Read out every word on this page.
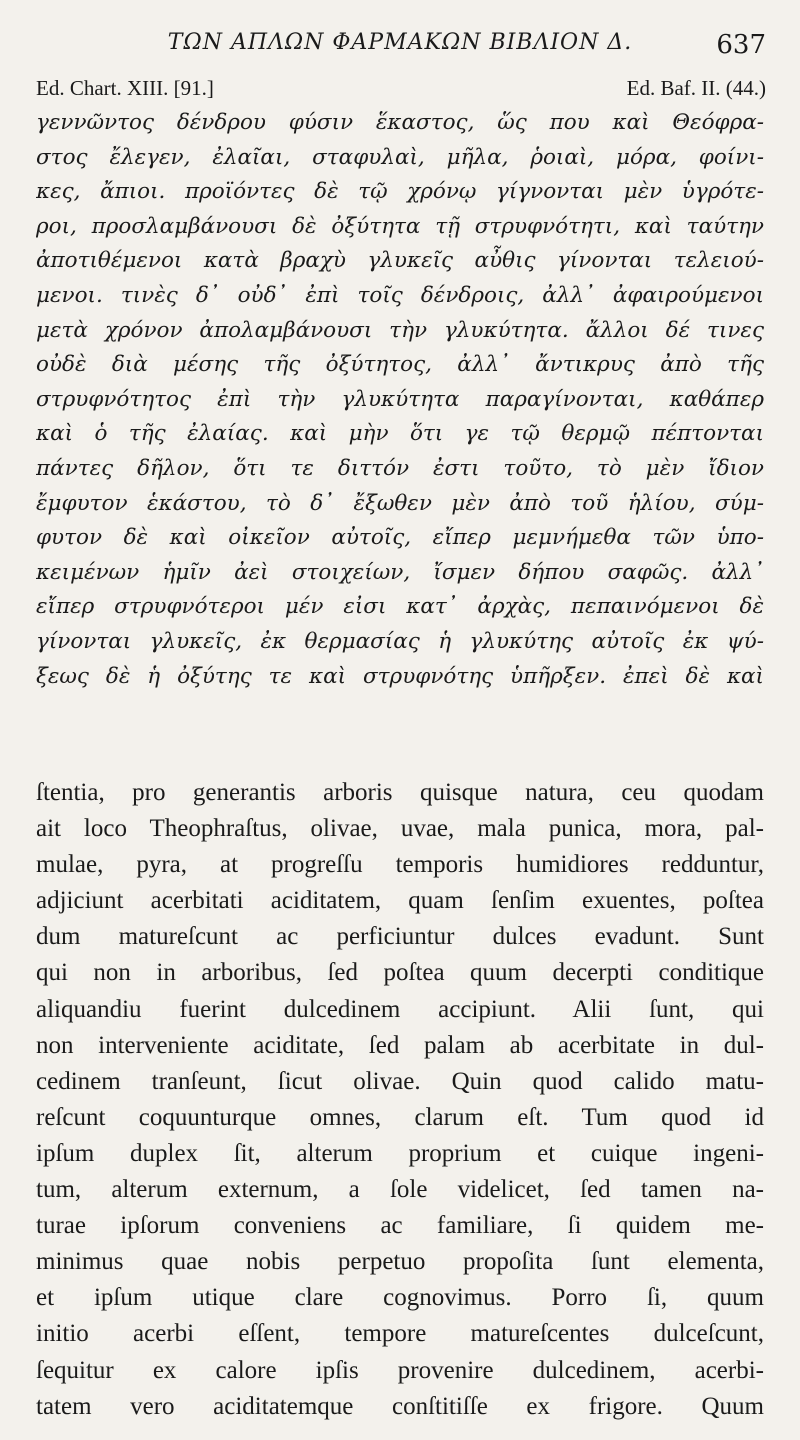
ΤΩΝ ΑΠΛΩΝ ΦΑΡΜΑΚΩΝ ΒΙΒΛΙΟΝ Δ.	637
Ed. Chart. XIII. [91.]	Ed. Baf. II. (44.)
γεννῶντος δένδρου φύσιν ἕκαστος, ὥς που καὶ Θεόφρα-
στος ἔλεγεν, ἐλαῖαι, σταφυλαὶ, μῆλα, ῥοιαὶ, μόρα, φοίνι-
κες, ἄπιοι. προϊόντες δὲ τῷ χρόνῳ γίγνονται μὲν ὑγρότε-
ροι, προσλαμβάνουσι δὲ ὀξύτητα τῇ στρυφνότητι, καὶ ταύτην
ἀποτιθέμενοι κατὰ βραχὺ γλυκεῖς αὖθις γίνονται τελειού-
μενοι. τινὲς δ᾽ οὐδ᾽ ἐπὶ τοῖς δένδροις, ἀλλ᾽ ἀφαιρούμενοι
μετὰ χρόνον ἀπολαμβάνουσι τὴν γλυκύτητα. ἄλλοι δέ τινες
οὐδὲ διὰ μέσης τῆς ὀξύτητος, ἀλλ᾽ ἄντικρυς ἀπὸ τῆς
στρυφνότητος ἐπὶ τὴν γλυκύτητα παραγίνονται, καθάπερ
καὶ ὁ τῆς ἐλαίας. καὶ μὴν ὅτι γε τῷ θερμῷ πέπτονται
πάντες δῆλον, ὅτι τε διττόν ἐστι τοῦτο, τὸ μὲν ἴδιον
ἔμφυτον ἑκάστου, τὸ δ᾽ ἔξωθεν μὲν ἀπὸ τοῦ ἡλίου, σύμ-
φυτον δὲ καὶ οἰκεῖον αὐτοῖς, εἴπερ μεμνήμεθα τῶν ὑπο-
κειμένων ἡμῖν ἀεὶ στοιχείων, ἴσμεν δήπου σαφῶς. ἀλλ᾽
εἴπερ στρυφνότεροι μέν εἰσι κατ᾽ ἀρχὰς, πεπαινόμενοι δὲ
γίνονται γλυκεῖς, ἐκ θερμασίας ἡ γλυκύτης αὐτοῖς ἐκ ψύ-
ξεως δὲ ἡ ὀξύτης τε καὶ στρυφνότης ὑπῆρξεν. ἐπεὶ δὲ καὶ
ſtentia, pro generantis arboris quisque natura, ceu quodam
ait loco Theophraſtus, olivae, uvae, mala punica, mora, pal-
mulae, pyra, at progreſſu temporis humidiores redduntur,
adjiciunt acerbitati aciditatem, quam ſenſim exuentes, poſtea
dum matureſcunt ac perficiuntur dulces evadunt. Sunt
qui non in arboribus, ſed poſtea quum decerpti conditique
aliquandiu fuerint dulcedinem accipiunt. Alii ſunt, qui
non interveniente aciditate, ſed palam ab acerbitate in dul-
cedinem tranſeunt, ſicut olivae. Quin quod calido matu-
reſcunt coquunturque omnes, clarum eſt. Tum quod id
ipſum duplex ſit, alterum proprium et cuique ingeni-
tum, alterum externum, a ſole videlicet, ſed tamen na-
turae ipſorum conveniens ac familiare, ſi quidem me-
minimus quae nobis perpetuo propoſita ſunt elementa,
et ipſum utique clare cognovimus. Porro ſi, quum
initio acerbi eſſent, tempore matureſcentes dulceſcunt,
ſequitur ex calore ipſis provenire dulcedinem, acerbi-
tatem vero aciditatemque conſtitiſſe ex frigore. Quum
